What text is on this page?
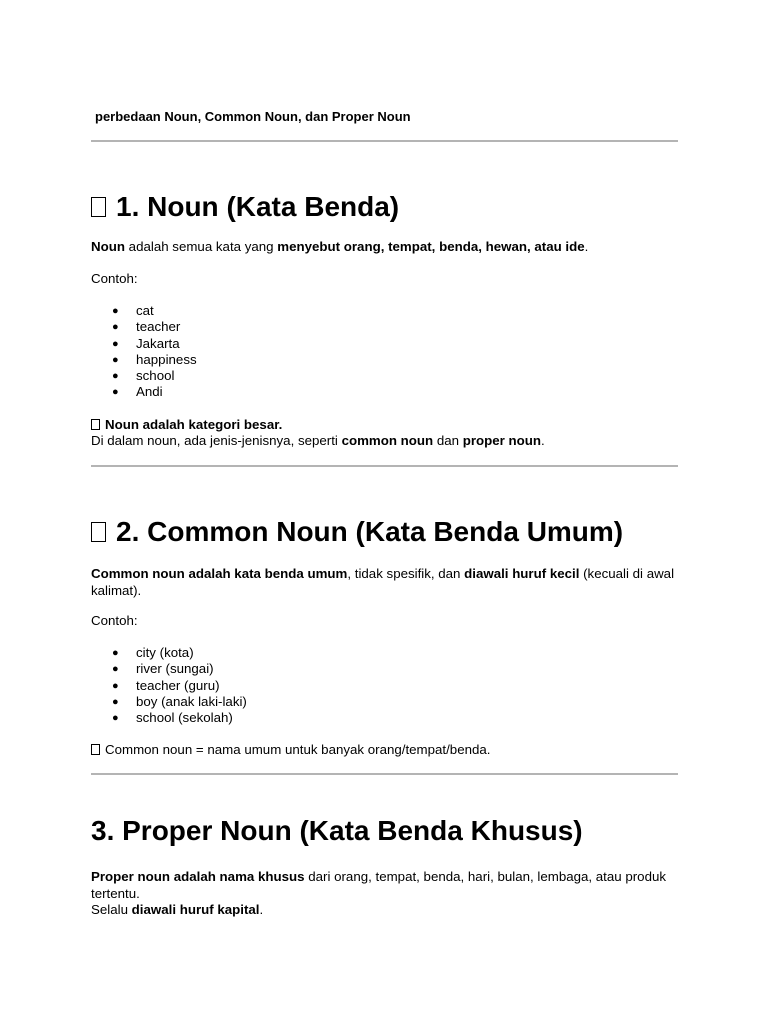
perbedaan Noun, Common Noun, dan Proper Noun
1. Noun (Kata Benda)
Noun adalah semua kata yang menyebut orang, tempat, benda, hewan, atau ide.
Contoh:
● cat
● teacher
● Jakarta
● happiness
● school
● Andi
Noun adalah kategori besar.
Di dalam noun, ada jenis-jenisnya, seperti common noun dan proper noun.
2. Common Noun (Kata Benda Umum)
Common noun adalah kata benda umum, tidak spesifik, dan diawali huruf kecil (kecuali di awal kalimat).
Contoh:
● city (kota)
● river (sungai)
● teacher (guru)
● boy (anak laki-laki)
● school (sekolah)
Common noun = nama umum untuk banyak orang/tempat/benda.
3. Proper Noun (Kata Benda Khusus)
Proper noun adalah nama khusus dari orang, tempat, benda, hari, bulan, lembaga, atau produk tertentu.
Selalu diawali huruf kapital.
